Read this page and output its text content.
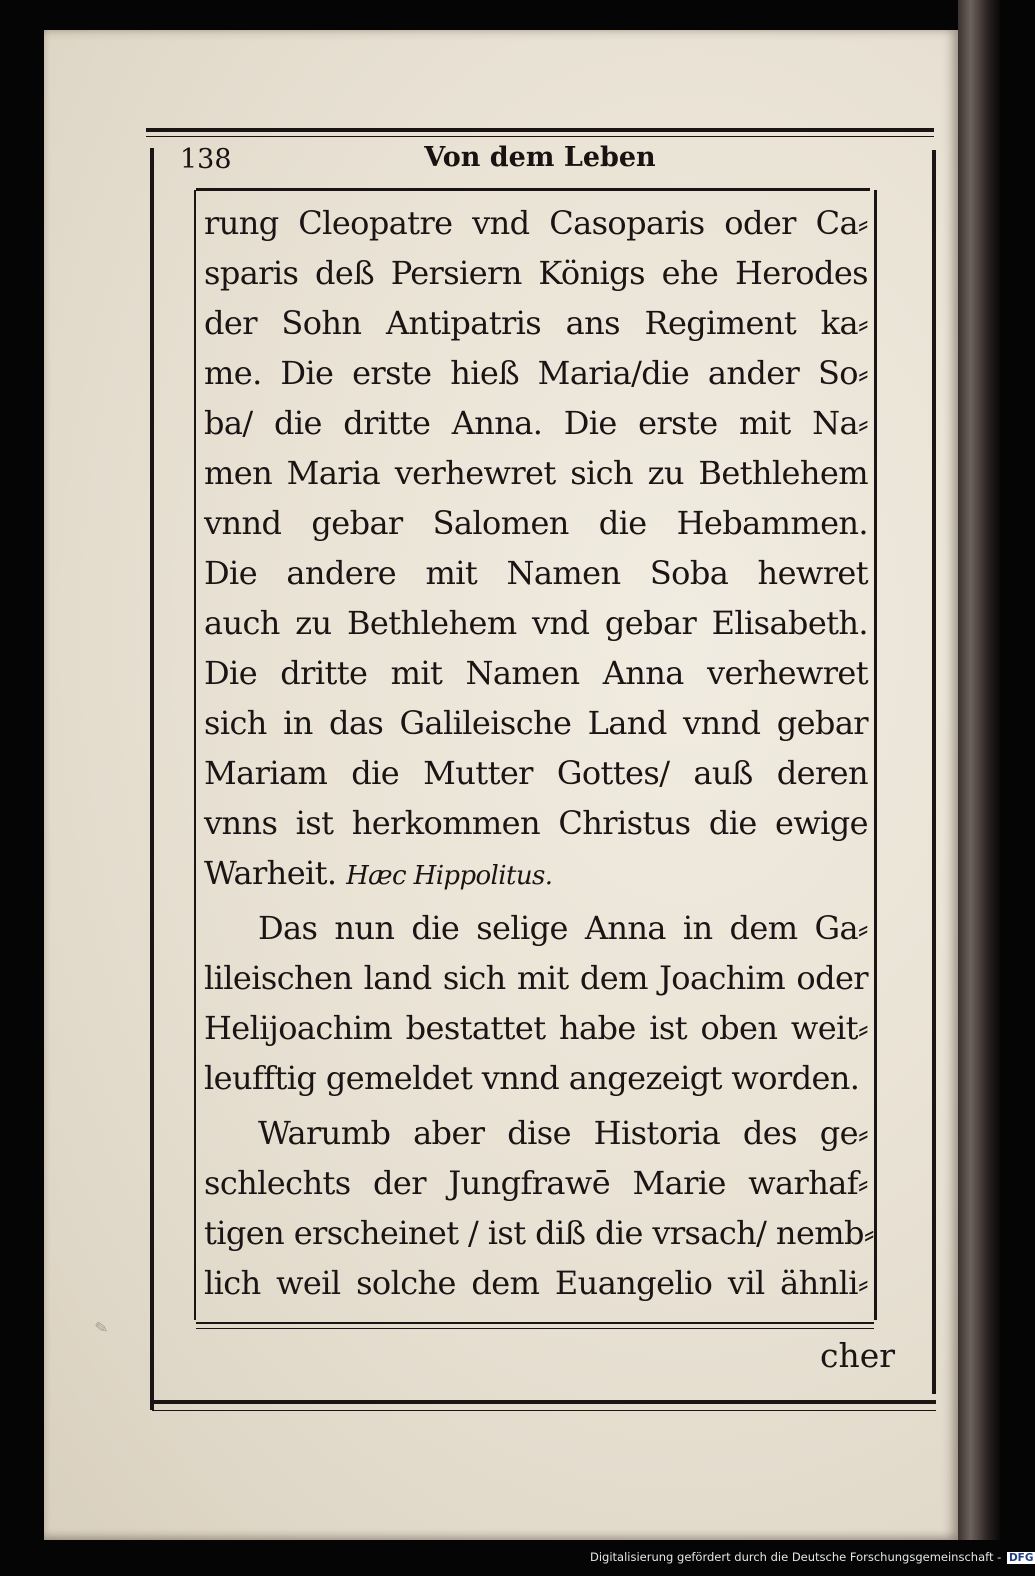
138	Von dem Leben
rung Cleopatre vnd Casoparis oder Ca⸗
sparis deß Persiern Königs ehe Herodes
der Sohn Antipatris ans Regiment ka⸗
me. Die erste hieß Maria/die ander So⸗
ba/ die dritte Anna. Die erste mit Na⸗
men Maria verhewret sich zu Bethlehem
vnnd gebar Salomen die Hebammen.
Die andere mit Namen Soba hewret
auch zu Bethlehem vnd gebar Elisabeth.
Die dritte mit Namen Anna verhewret
sich in das Galileische Land vnnd gebar
Mariam die Mutter Gottes/ auß deren
vnns ist herkommen Christus die ewige
Warheit. Hæc Hippolitus.
Das nun die selige Anna in dem Ga⸗
lileischen land sich mit dem Joachim oder
Helijoachim bestattet habe ist oben weit⸗
leufftig gemeldet vnnd angezeigt worden.
Warumb aber dise Historia des ge⸗
schlechts der Jungfrawē Marie warhaf⸗
tigen erscheinet / ist diß die vrsach/ nemb⸗
lich weil solche dem Euangelio vil ähnli⸗
cher
✎
Digitalisierung gefördert durch die Deutsche Forschungsgemeinschaft - DFG
